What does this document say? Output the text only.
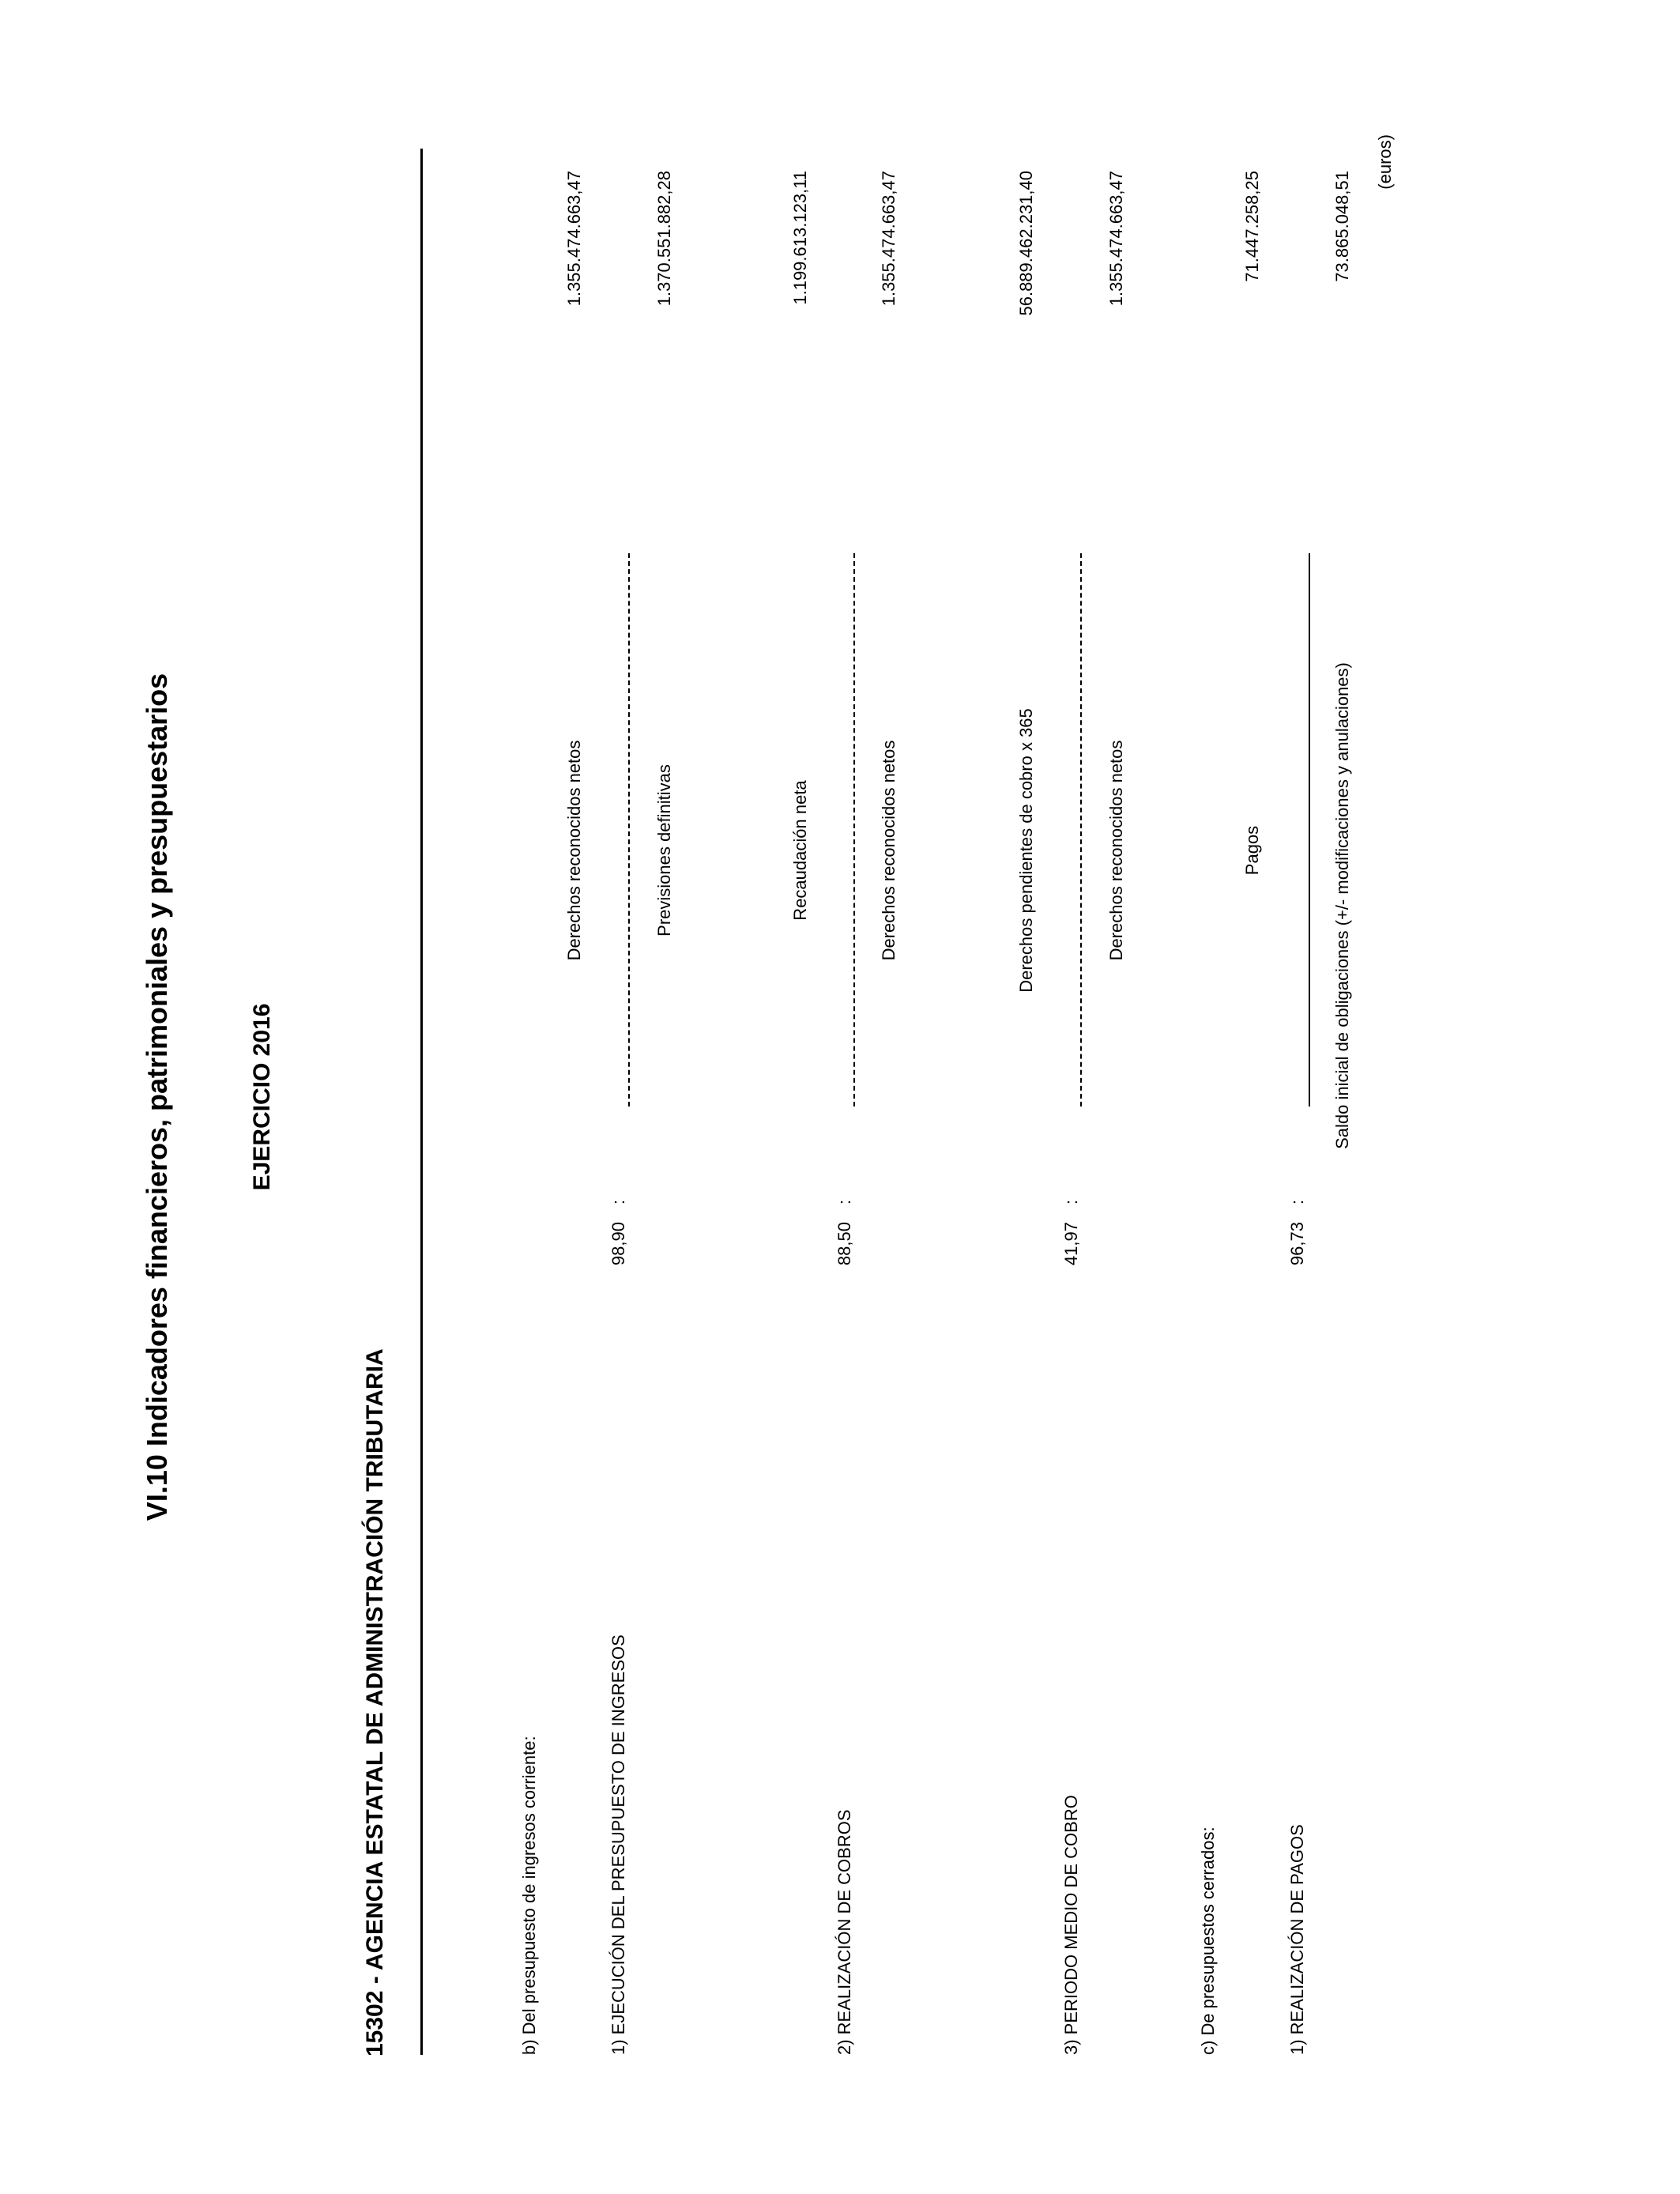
VI.10 Indicadores financieros, patrimoniales y presupuestarios	EJERCICIO 2016
15302 - AGENCIA ESTATAL DE ADMINISTRACIÓN TRIBUTARIA
(euros)
b) Del presupuesto de ingresos corriente:	1) EJECUCIÓN DEL PRESUPUESTO DE INGRESOS
98,90
:
Derechos reconocidos netos
1.355.474.663,47
Previsiones definitivas
1.370.551.882,28
2) REALIZACIÓN DE COBROS
88,50
:
Recaudación neta
1.199.613.123,11
Derechos reconocidos netos
1.355.474.663,47
3) PERIODO MEDIO DE COBRO
41,97
:
Derechos pendientes de cobro x 365
56.889.462.231,40
Derechos reconocidos netos
1.355.474.663,47
c) De presupuestos cerrados:	1) REALIZACIÓN DE PAGOS
96,73
:
Pagos
71.447.258,25
Saldo inicial de obligaciones (+/- modificaciones y anulaciones)
73.865.048,51
